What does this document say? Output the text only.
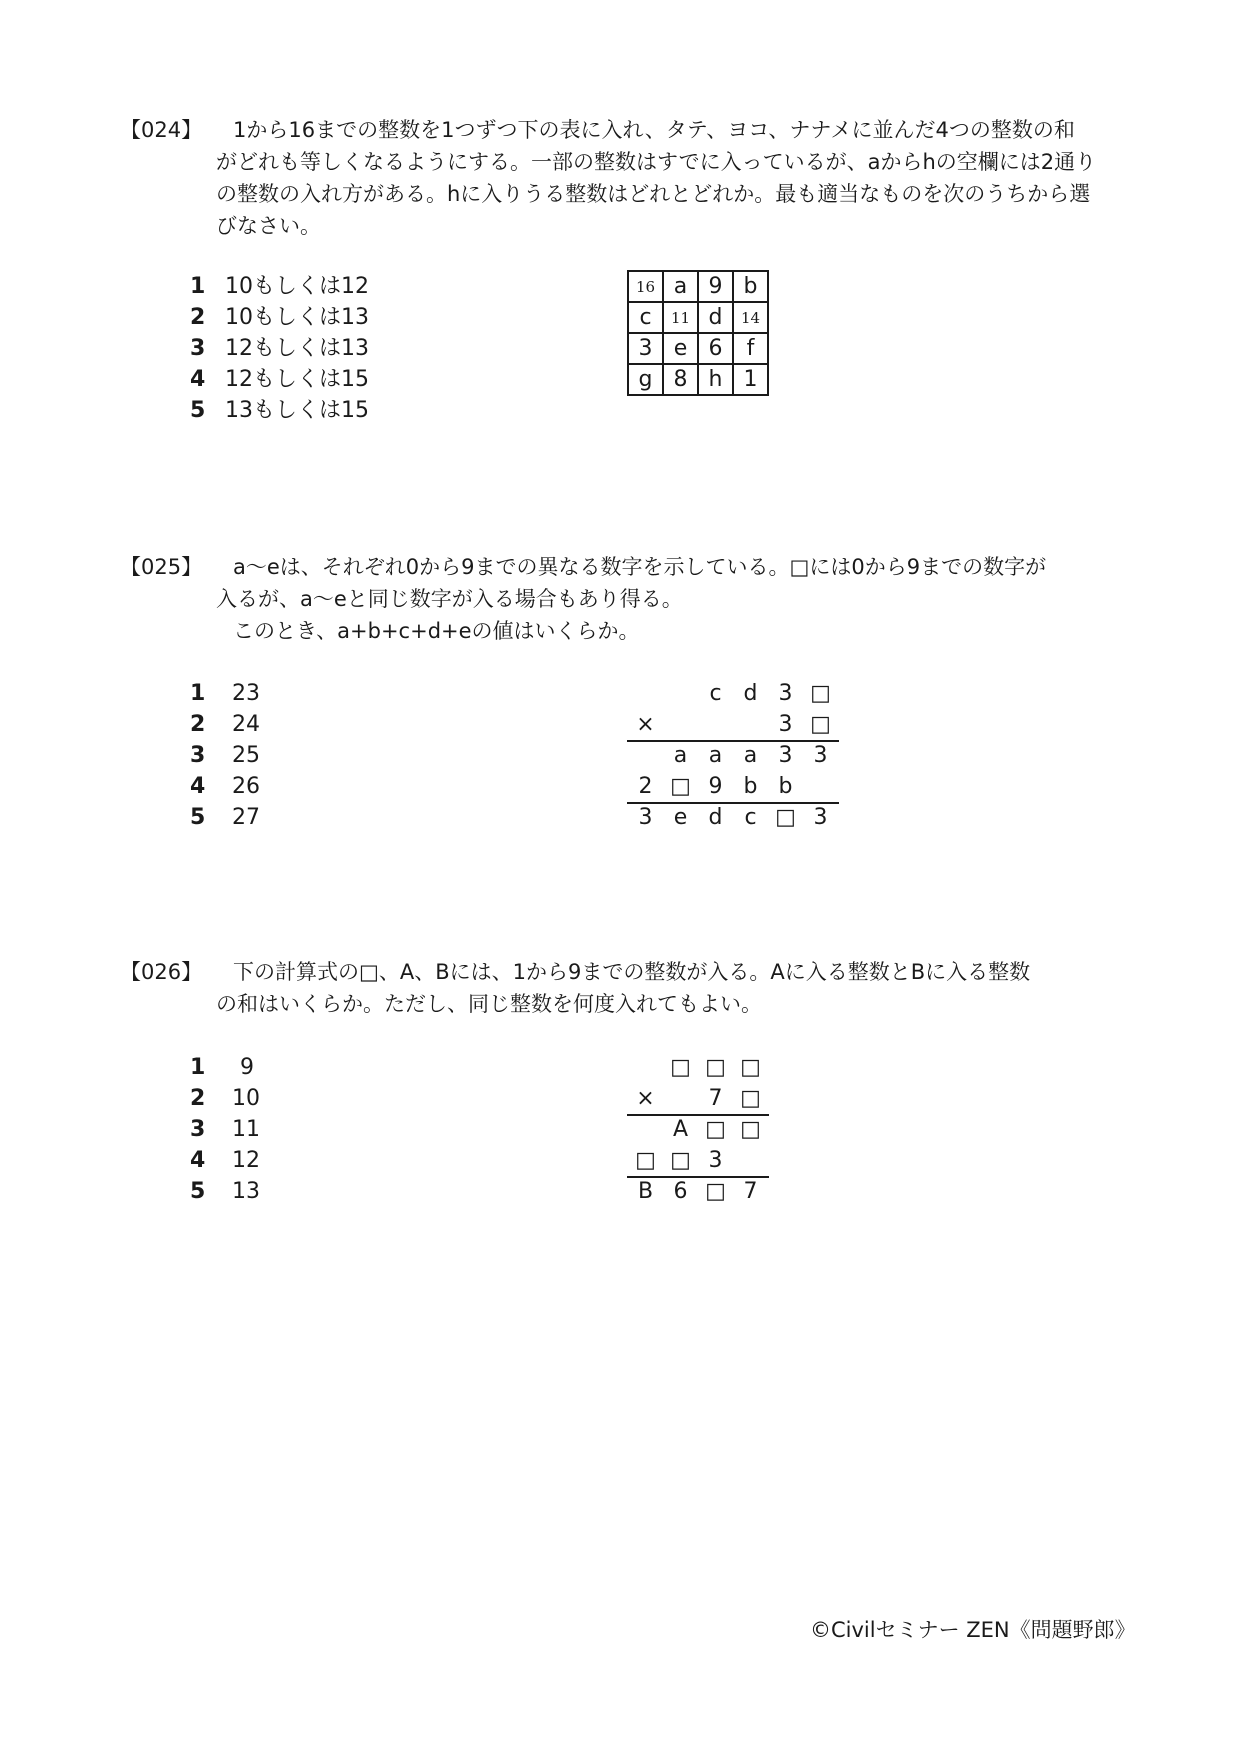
【024】 1から16までの整数を1つずつ下の表に入れ、タテ、ヨコ、ナナメに並んだ4つの整数の和
がどれも等しくなるようにする。一部の整数はすでに入っているが、aからhの空欄には2通り
の整数の入れ方がある。hに入りうる整数はどれとどれか。最も適当なものを次のうちから選
びなさい。
1 10もしくは12
2 10もしくは13
3 12もしくは13
4 12もしくは15
5 13もしくは15
16	a	9	b
c	11	d	14
3	e	6	f
g	8	h	1
【025】 a～eは、それぞれ0から9までの異なる数字を示している。□には0から9までの数字が
入るが、a～eと同じ数字が入る場合もあり得る。
このとき、a+b+c+d+eの値はいくらか。
1 23
2 24
3 25
4 26
5 27
c d 3 □
×	3 □
a a a 3 3
2 □ 9 b b
3 e d c □ 3
【026】 下の計算式の□、A、Bには、1から9までの整数が入る。Aに入る整数とBに入る整数
の和はいくらか。ただし、同じ整数を何度入れてもよい。
1 9
2 10
3 11
4 12
5 13
□ □ □
×	7 □
A □ □
□ □ 3
B 6 □ 7
©Civilセミナー ZEN《問題野郎》
